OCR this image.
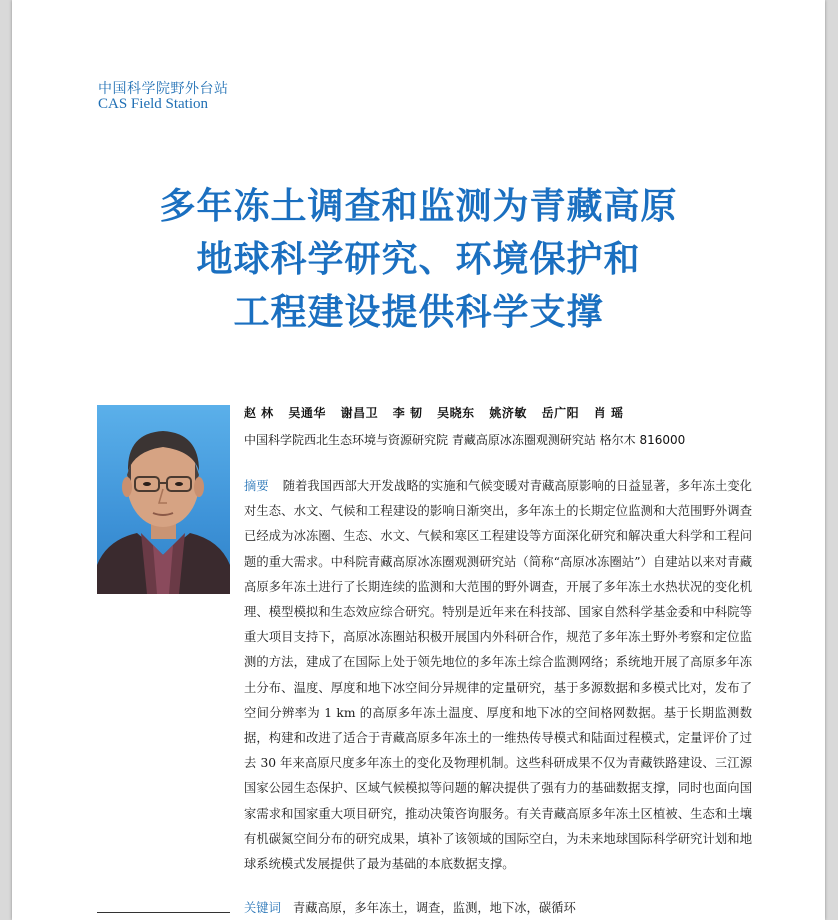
中国科学院野外台站
CAS Field Station
多年冻土调查和监测为青藏高原
地球科学研究、环境保护和
工程建设提供科学支撑
赵 林 吴通华 谢昌卫 李 韧 吴晓东 姚济敏 岳广阳 肖 瑶
中国科学院西北生态环境与资源研究院 青藏高原冰冻圈观测研究站 格尔木 816000

摘要 随着我国西部大开发战略的实施和气候变暖对青藏高原影响的日益显著，多年冻土变化对生态、水文、气候和工程建设的影响日渐突出，多年冻土的长期定位监测和大范围野外调查已经成为冰冻圈、生态、水文、气候和寒区工程建设等方面深化研究和解决重大科学和工程问题的重大需求。中科院青藏高原冰冻圈观测研究站（简称“高原冰冻圈站”）自建站以来对青藏高原多年冻土进行了长期连续的监测和大范围的野外调查，开展了多年冻土水热状况的变化机理、模型模拟和生态效应综合研究。特别是近年来在科技部、国家自然科学基金委和中科院等重大项目支持下，高原冰冻圈站积极开展国内外科研合作，规范了多年冻土野外考察和定位监测的方法，建成了在国际上处于领先地位的多年冻土综合监测网络；系统地开展了高原多年冻土分布、温度、厚度和地下冰空间分异规律的定量研究，基于多源数据和多模式比对，发布了空间分辨率为 1 km 的高原多年冻土温度、厚度和地下冰的空间格网数据。基于长期监测数据，构建和改进了适合于青藏高原多年冻土的一维热传导模式和陆面过程模式，定量评价了过去 30 年来高原尺度多年冻土的变化及物理机制。这些科研成果不仅为青藏铁路建设、三江源国家公园生态保护、区域气候模拟等问题的解决提供了强有力的基础数据支撑，同时也面向国家需求和国家重大项目研究，推动决策咨询服务。有关青藏高原多年冻土区植被、生态和土壤有机碳氮空间分布的研究成果，填补了该领域的国际空白，为未来地球国际科学研究计划和地球系统模式发展提供了最为基础的本底数据支撑。

关键词 青藏高原，多年冻土，调查，监测，地下冰，碳循环
